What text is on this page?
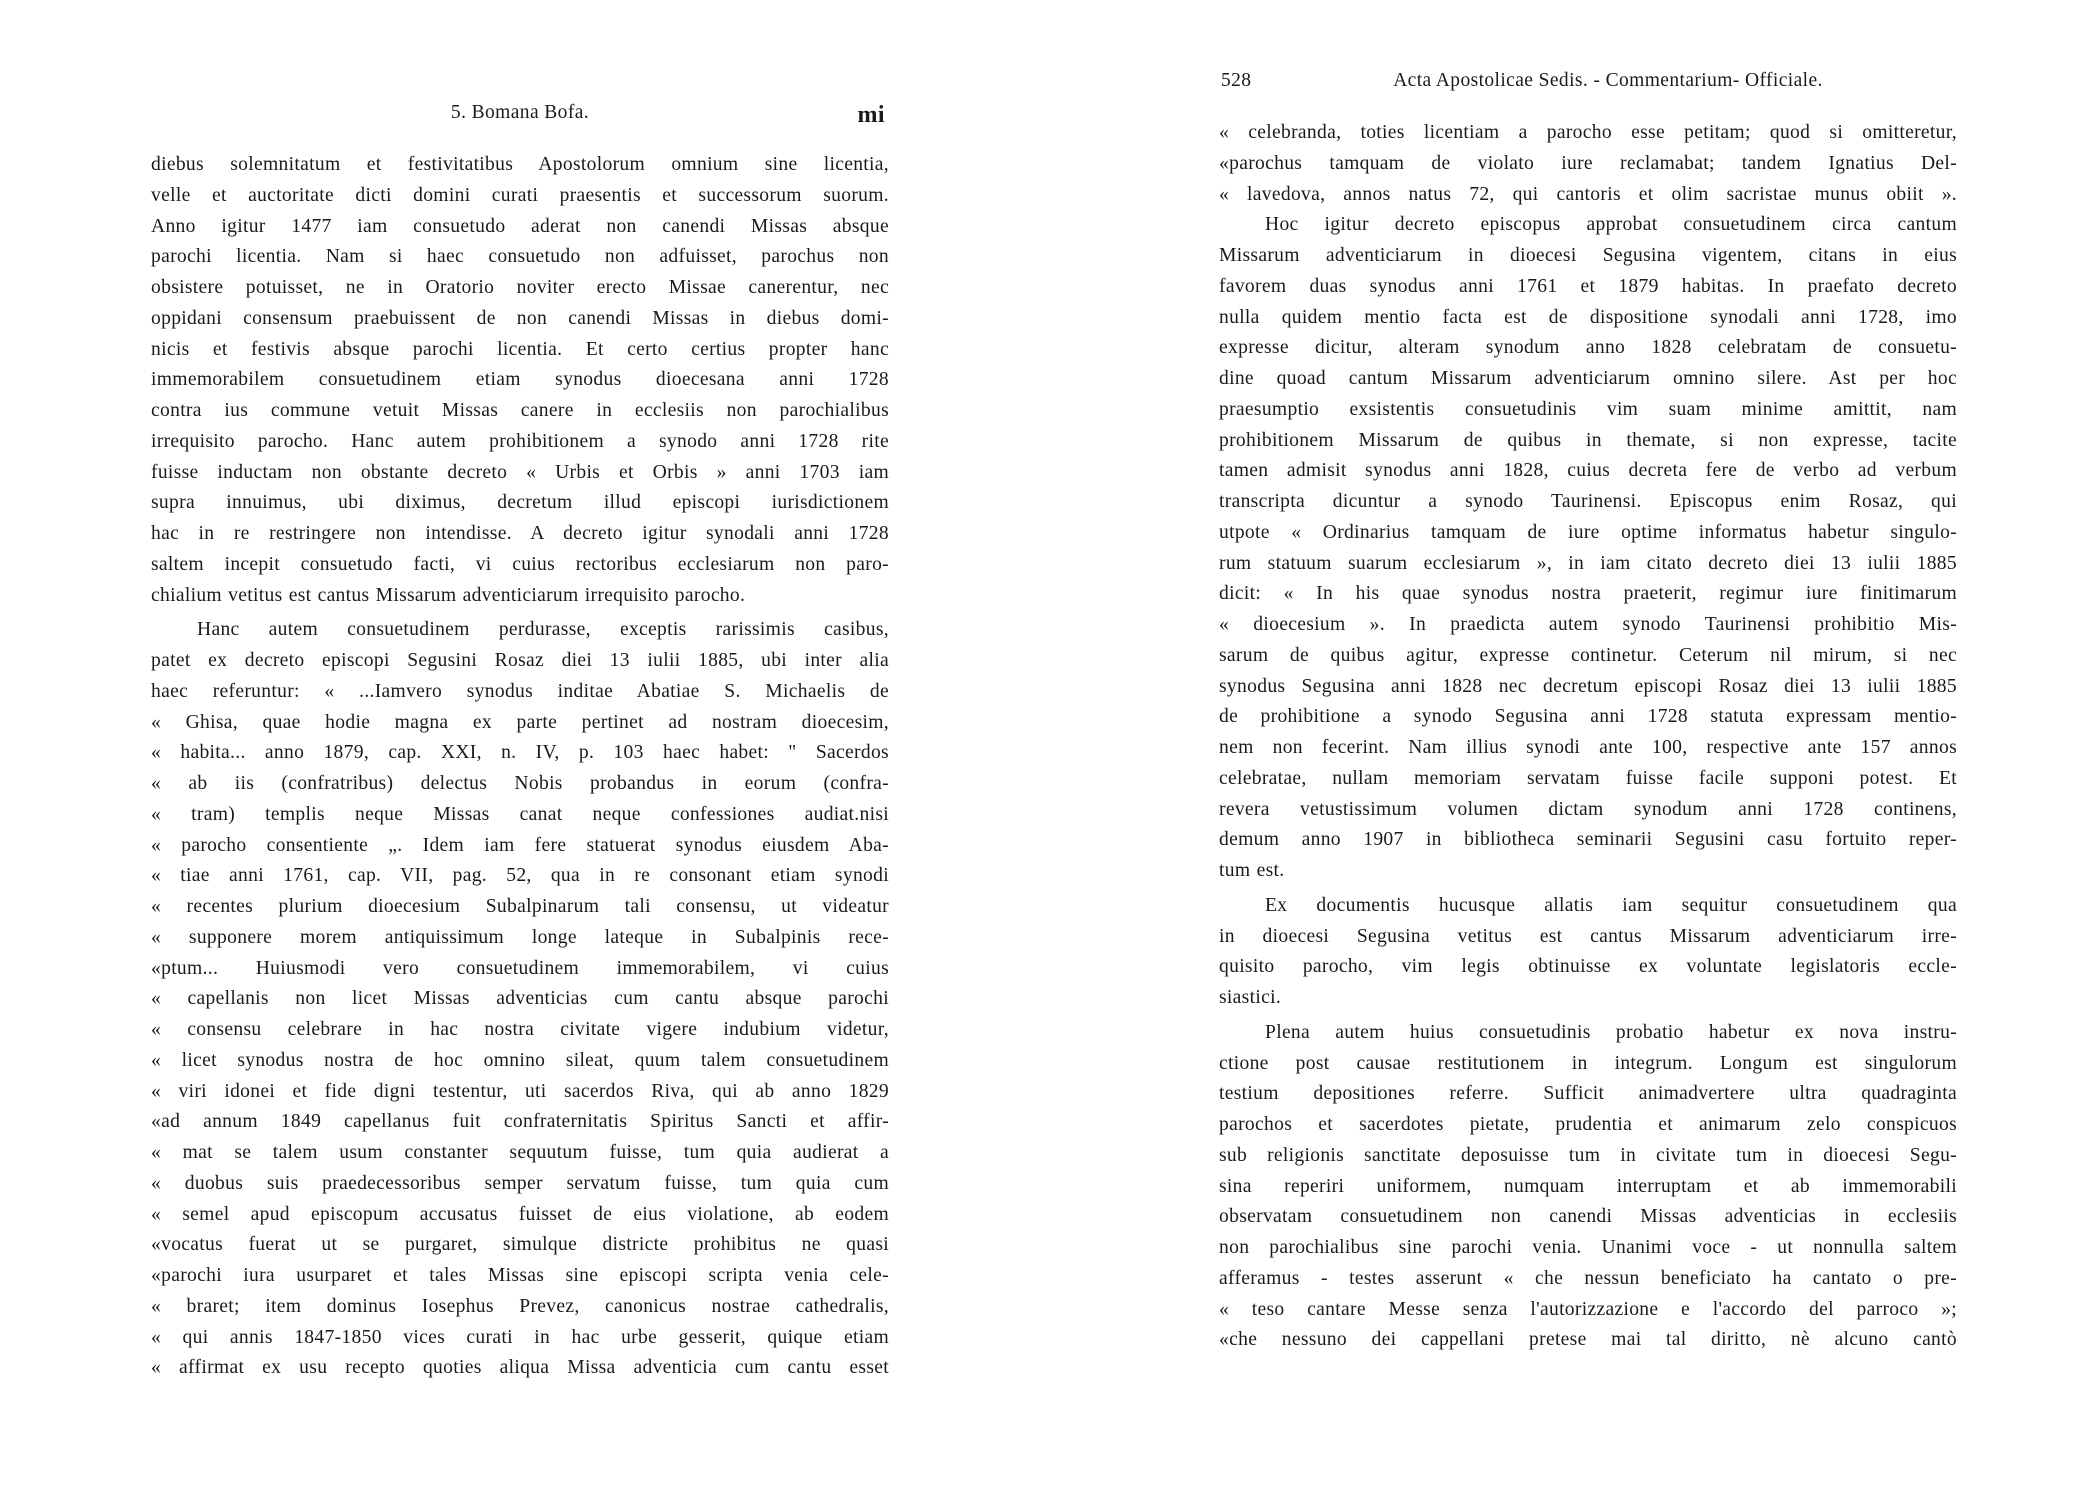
5. Bomana Bofa.	mi
diebus solemnitatum et festivitatibus Apostolorum omnium sine licentia,
velle et auctoritate dicti domini curati praesentis et successorum suorum.
Anno igitur 1477 iam consuetudo aderat non canendi Missas absque
parochi licentia. Nam si haec consuetudo non adfuisset, parochus non
obsistere potuisset, ne in Oratorio noviter erecto Missae canerentur, nec
oppidani consensum praebuissent de non canendi Missas in diebus domi-
nicis et festivis absque parochi licentia. Et certo certius propter hanc
immemorabilem consuetudinem etiam synodus dioecesana anni 1728
contra ius commune vetuit Missas canere in ecclesiis non parochialibus
irrequisito parocho. Hanc autem prohibitionem a synodo anni 1728 rite
fuisse inductam non obstante decreto « Urbis et Orbis » anni 1703 iam
supra innuimus, ubi diximus, decretum illud episcopi iurisdictionem
hac in re restringere non intendisse. A decreto igitur synodali anni 1728
saltem incepit consuetudo facti, vi cuius rectoribus ecclesiarum non paro-
chialium vetitus est cantus Missarum adventiciarum irrequisito parocho.
Hanc autem consuetudinem perdurasse, exceptis rarissimis casibus,
patet ex decreto episcopi Segusini Rosaz diei 13 iulii 1885, ubi inter alia
haec referuntur: « ...Iamvero synodus inditae Abatiae S. Michaelis de
« Ghisa, quae hodie magna ex parte pertinet ad nostram dioecesim,
« habita... anno 1879, cap. XXI, n. IV, p. 103 haec habet: " Sacerdos
« ab iis (confratribus) delectus Nobis probandus in eorum (confra-
« tram) templis neque Missas canat neque confessiones audiat.nisi
« parocho consentiente „. Idem iam fere statuerat synodus eiusdem Aba-
« tiae anni 1761, cap. VII, pag. 52, qua in re consonant etiam synodi
« recentes plurium dioecesium Subalpinarum tali consensu, ut videatur
« supponere morem antiquissimum longe lateque in Subalpinis rece-
«ptum... Huiusmodi vero consuetudinem immemorabilem, vi cuius
« capellanis non licet Missas adventicias cum cantu absque parochi
« consensu celebrare in hac nostra civitate vigere indubium videtur,
« licet synodus nostra de hoc omnino sileat, quum talem consuetudinem
« viri idonei et fide digni testentur, uti sacerdos Riva, qui ab anno 1829
«ad annum 1849 capellanus fuit confraternitatis Spiritus Sancti et affir-
« mat se talem usum constanter sequutum fuisse, tum quia audierat a
« duobus suis praedecessoribus semper servatum fuisse, tum quia cum
« semel apud episcopum accusatus fuisset de eius violatione, ab eodem
«vocatus fuerat ut se purgaret, simulque districte prohibitus ne quasi
«parochi iura usurparet et tales Missas sine episcopi scripta venia cele-
« braret; item dominus Iosephus Prevez, canonicus nostrae cathedralis,
« qui annis 1847-1850 vices curati in hac urbe gesserit, quique etiam
« affirmat ex usu recepto quoties aliqua Missa adventicia cum cantu esset
528	Acta Apostolicae Sedis. - Commentarium- Officiale.
« celebranda, toties licentiam a parocho esse petitam; quod si omitteretur,
«parochus tamquam de violato iure reclamabat; tandem Ignatius Del-
« lavedova, annos natus 72, qui cantoris et olim sacristae munus obiit ».
Hoc igitur decreto episcopus approbat consuetudinem circa cantum
Missarum adventiciarum in dioecesi Segusina vigentem, citans in eius
favorem duas synodus anni 1761 et 1879 habitas. In praefato decreto
nulla quidem mentio facta est de dispositione synodali anni 1728, imo
expresse dicitur, alteram synodum anno 1828 celebratam de consuetu-
dine quoad cantum Missarum adventiciarum omnino silere. Ast per hoc
praesumptio exsistentis consuetudinis vim suam minime amittit, nam
prohibitionem Missarum de quibus in themate, si non expresse, tacite
tamen admisit synodus anni 1828, cuius decreta fere de verbo ad verbum
transcripta dicuntur a synodo Taurinensi. Episcopus enim Rosaz, qui
utpote « Ordinarius tamquam de iure optime informatus habetur singulo-
rum statuum suarum ecclesiarum », in iam citato decreto diei 13 iulii 1885
dicit: « In his quae synodus nostra praeterit, regimur iure finitimarum
« dioecesium ». In praedicta autem synodo Taurinensi prohibitio Mis-
sarum de quibus agitur, expresse continetur. Ceterum nil mirum, si nec
synodus Segusina anni 1828 nec decretum episcopi Rosaz diei 13 iulii 1885
de prohibitione a synodo Segusina anni 1728 statuta expressam mentio-
nem non fecerint. Nam illius synodi ante 100, respective ante 157 annos
celebratae, nullam memoriam servatam fuisse facile supponi potest. Et
revera vetustissimum volumen dictam synodum anni 1728 continens,
demum anno 1907 in bibliotheca seminarii Segusini casu fortuito reper-
tum est.
Ex documentis hucusque allatis iam sequitur consuetudinem qua
in dioecesi Segusina vetitus est cantus Missarum adventiciarum irre-
quisito parocho, vim legis obtinuisse ex voluntate legislatoris eccle-
siastici.
Plena autem huius consuetudinis probatio habetur ex nova instru-
ctione post causae restitutionem in integrum. Longum est singulorum
testium depositiones referre. Sufficit animadvertere ultra quadraginta
parochos et sacerdotes pietate, prudentia et animarum zelo conspicuos
sub religionis sanctitate deposuisse tum in civitate tum in dioecesi Segu-
sina reperiri uniformem, numquam interruptam et ab immemorabili
observatam consuetudinem non canendi Missas adventicias in ecclesiis
non parochialibus sine parochi venia. Unanimi voce - ut nonnulla saltem
afferamus - testes asserunt « che nessun beneficiato ha cantato o pre-
« teso cantare Messe senza l'autorizzazione e l'accordo del parroco »;
«che nessuno dei cappellani pretese mai tal diritto, nè alcuno cantò
